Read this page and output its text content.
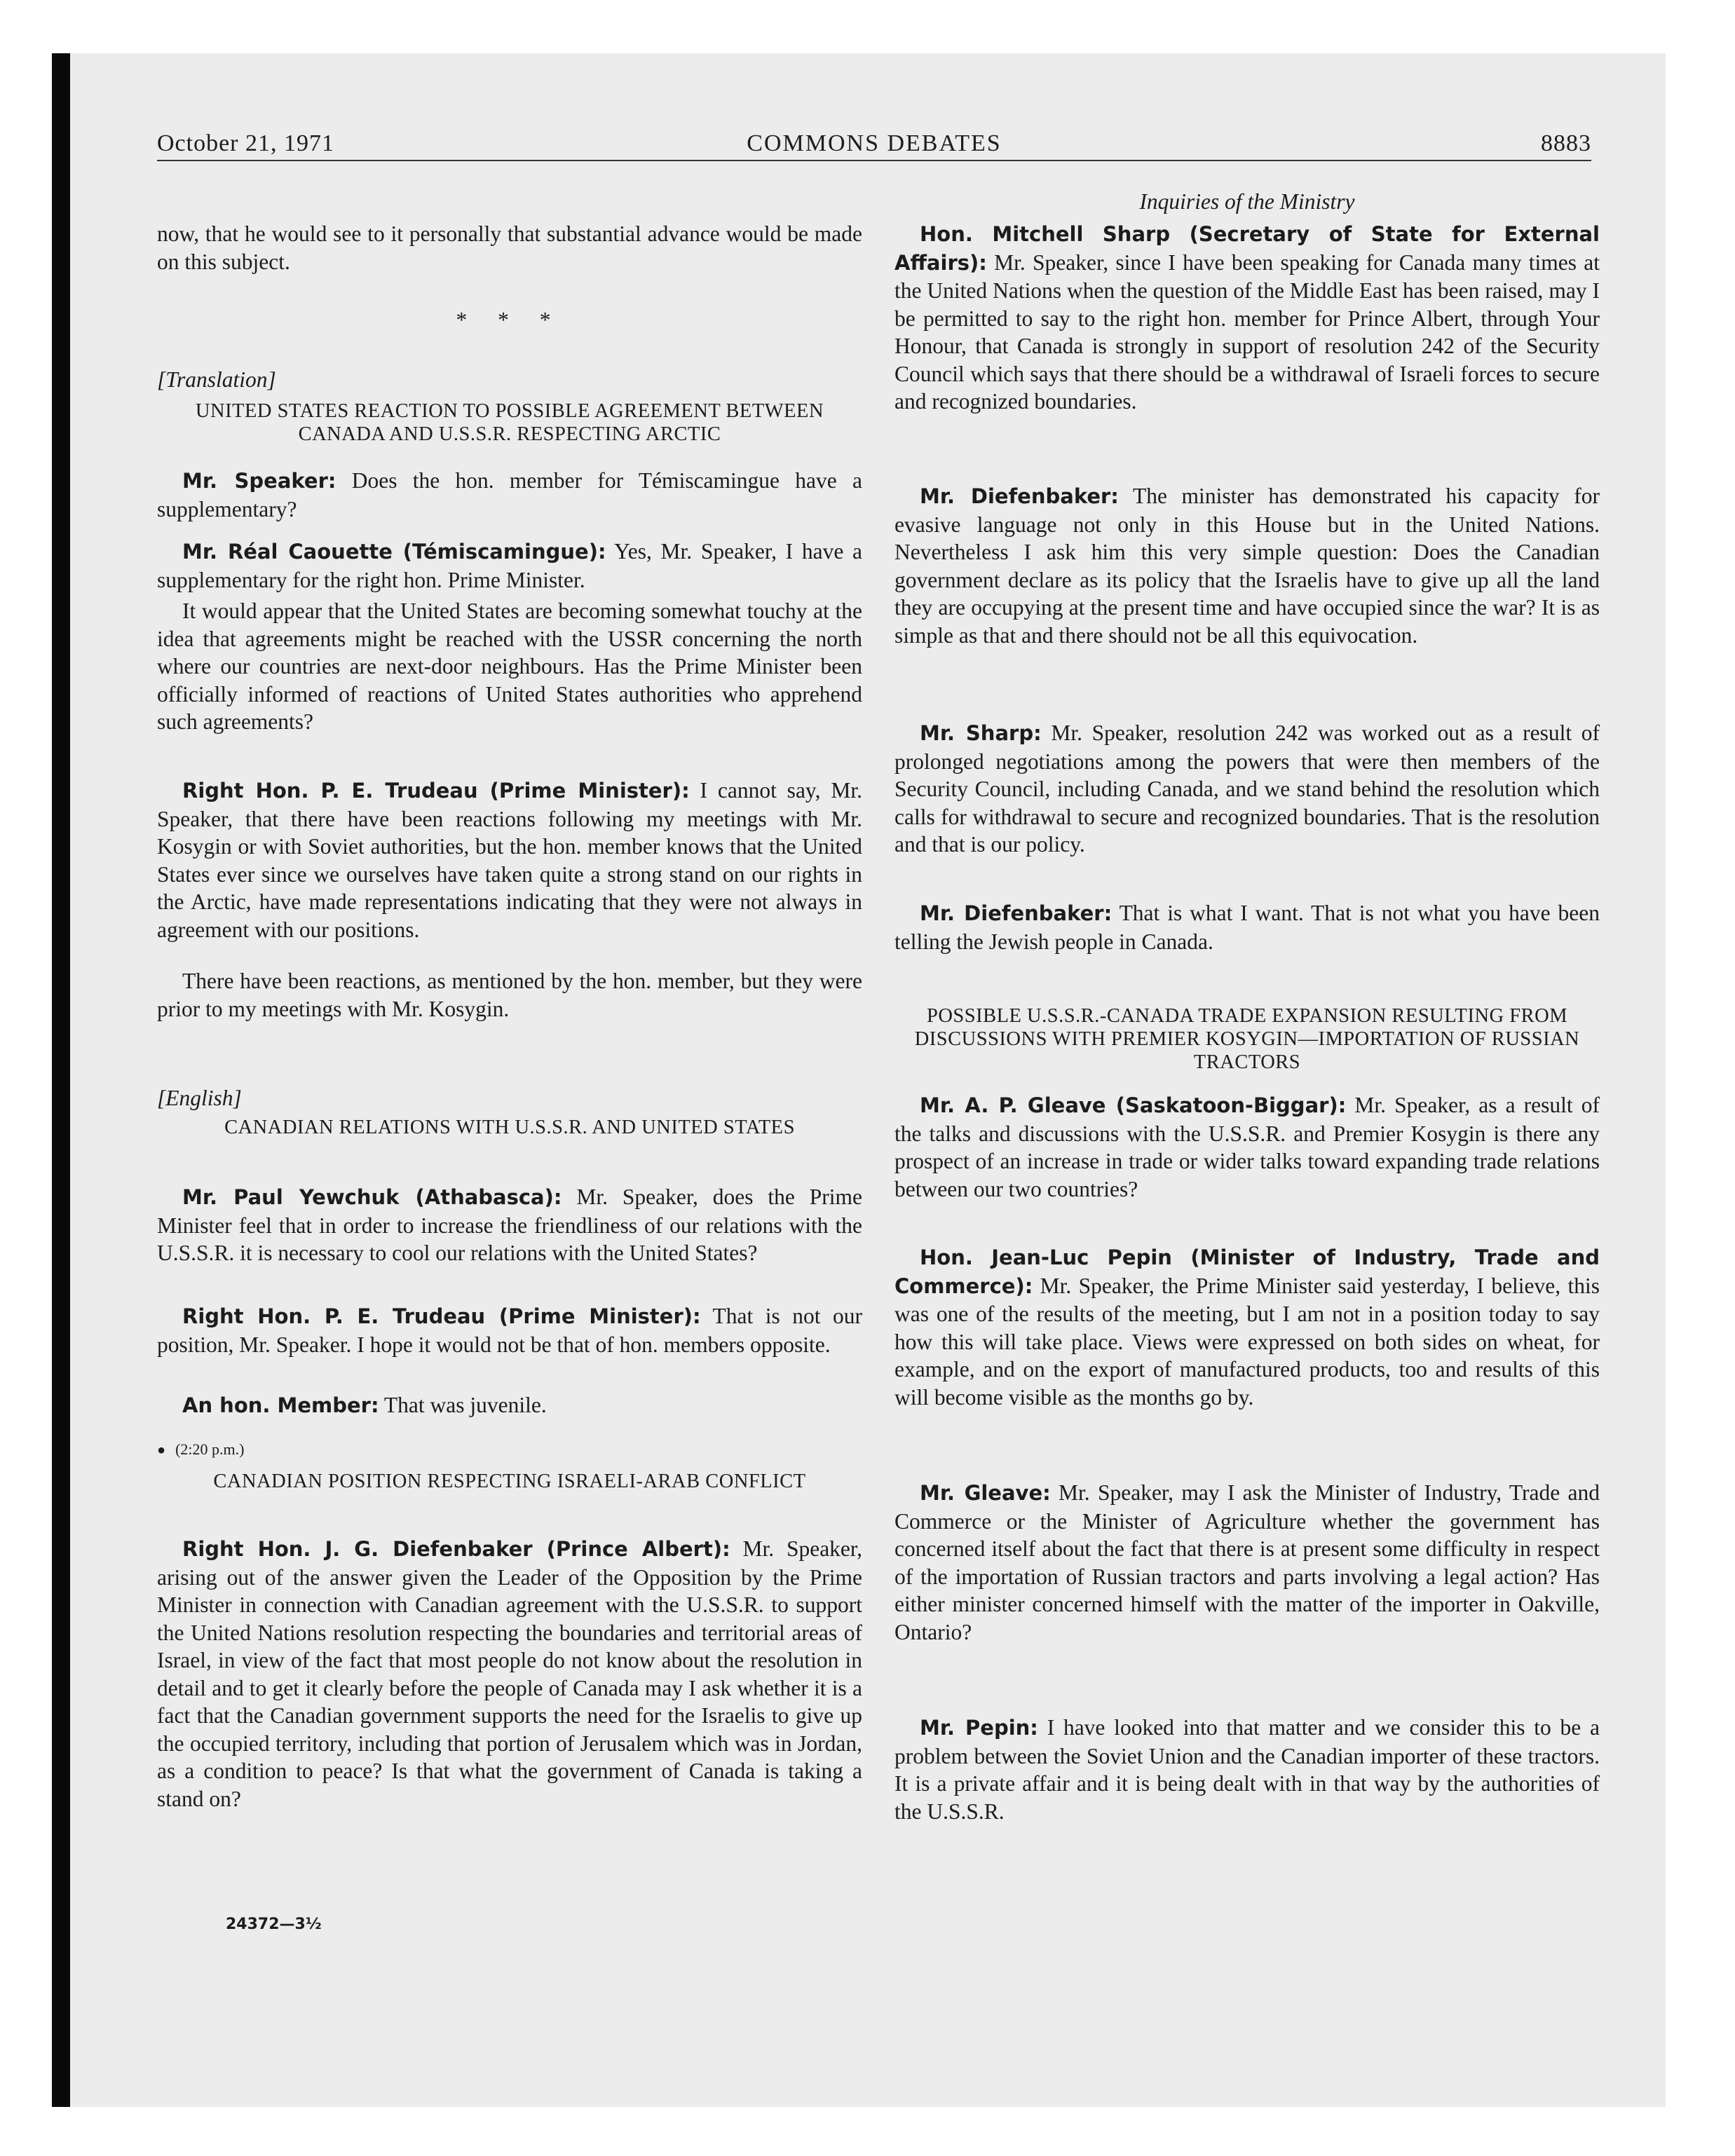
October 21, 1971	COMMONS DEBATES	8883

now, that he would see to it personally that substantial advance would be made on this subject.

* * *

[Translation]

UNITED STATES REACTION TO POSSIBLE AGREEMENT BETWEEN CANADA AND U.S.S.R. RESPECTING ARCTIC

Mr. Speaker: Does the hon. member for Témiscamingue have a supplementary?

Mr. Réal Caouette (Témiscamingue): Yes, Mr. Speaker, I have a supplementary for the right hon. Prime Minister.

It would appear that the United States are becoming somewhat touchy at the idea that agreements might be reached with the USSR concerning the north where our countries are next-door neighbours. Has the Prime Minister been officially informed of reactions of United States authorities who apprehend such agreements?

Right Hon. P. E. Trudeau (Prime Minister): I cannot say, Mr. Speaker, that there have been reactions following my meetings with Mr. Kosygin or with Soviet authorities, but the hon. member knows that the United States ever since we ourselves have taken quite a strong stand on our rights in the Arctic, have made representations indicating that they were not always in agreement with our positions.

There have been reactions, as mentioned by the hon. member, but they were prior to my meetings with Mr. Kosygin.

[English]

CANADIAN RELATIONS WITH U.S.S.R. AND UNITED STATES

Mr. Paul Yewchuk (Athabasca): Mr. Speaker, does the Prime Minister feel that in order to increase the friendliness of our relations with the U.S.S.R. it is necessary to cool our relations with the United States?

Right Hon. P. E. Trudeau (Prime Minister): That is not our position, Mr. Speaker. I hope it would not be that of hon. members opposite.

An hon. Member: That was juvenile.

● (2:20 p.m.)

CANADIAN POSITION RESPECTING ISRAELI-ARAB CONFLICT

Right Hon. J. G. Diefenbaker (Prince Albert): Mr. Speaker, arising out of the answer given the Leader of the Opposition by the Prime Minister in connection with Canadian agreement with the U.S.S.R. to support the United Nations resolution respecting the boundaries and territorial areas of Israel, in view of the fact that most people do not know about the resolution in detail and to get it clearly before the people of Canada may I ask whether it is a fact that the Canadian government supports the need for the Israelis to give up the occupied territory, including that portion of Jerusalem which was in Jordan, as a condition to peace? Is that what the government of Canada is taking a stand on?

24372—3½

Inquiries of the Ministry

Hon. Mitchell Sharp (Secretary of State for External Affairs): Mr. Speaker, since I have been speaking for Canada many times at the United Nations when the question of the Middle East has been raised, may I be permitted to say to the right hon. member for Prince Albert, through Your Honour, that Canada is strongly in support of resolution 242 of the Security Council which says that there should be a withdrawal of Israeli forces to secure and recognized boundaries.

Mr. Diefenbaker: The minister has demonstrated his capacity for evasive language not only in this House but in the United Nations. Nevertheless I ask him this very simple question: Does the Canadian government declare as its policy that the Israelis have to give up all the land they are occupying at the present time and have occupied since the war? It is as simple as that and there should not be all this equivocation.

Mr. Sharp: Mr. Speaker, resolution 242 was worked out as a result of prolonged negotiations among the powers that were then members of the Security Council, including Canada, and we stand behind the resolution which calls for withdrawal to secure and recognized boundaries. That is the resolution and that is our policy.

Mr. Diefenbaker: That is what I want. That is not what you have been telling the Jewish people in Canada.

POSSIBLE U.S.S.R.-CANADA TRADE EXPANSION RESULTING FROM DISCUSSIONS WITH PREMIER KOSYGIN—IMPORTATION OF RUSSIAN TRACTORS

Mr. A. P. Gleave (Saskatoon-Biggar): Mr. Speaker, as a result of the talks and discussions with the U.S.S.R. and Premier Kosygin is there any prospect of an increase in trade or wider talks toward expanding trade relations between our two countries?

Hon. Jean-Luc Pepin (Minister of Industry, Trade and Commerce): Mr. Speaker, the Prime Minister said yesterday, I believe, this was one of the results of the meeting, but I am not in a position today to say how this will take place. Views were expressed on both sides on wheat, for example, and on the export of manufactured products, too and results of this will become visible as the months go by.

Mr. Gleave: Mr. Speaker, may I ask the Minister of Industry, Trade and Commerce or the Minister of Agriculture whether the government has concerned itself about the fact that there is at present some difficulty in respect of the importation of Russian tractors and parts involving a legal action? Has either minister concerned himself with the matter of the importer in Oakville, Ontario?

Mr. Pepin: I have looked into that matter and we consider this to be a problem between the Soviet Union and the Canadian importer of these tractors. It is a private affair and it is being dealt with in that way by the authorities of the U.S.S.R.
